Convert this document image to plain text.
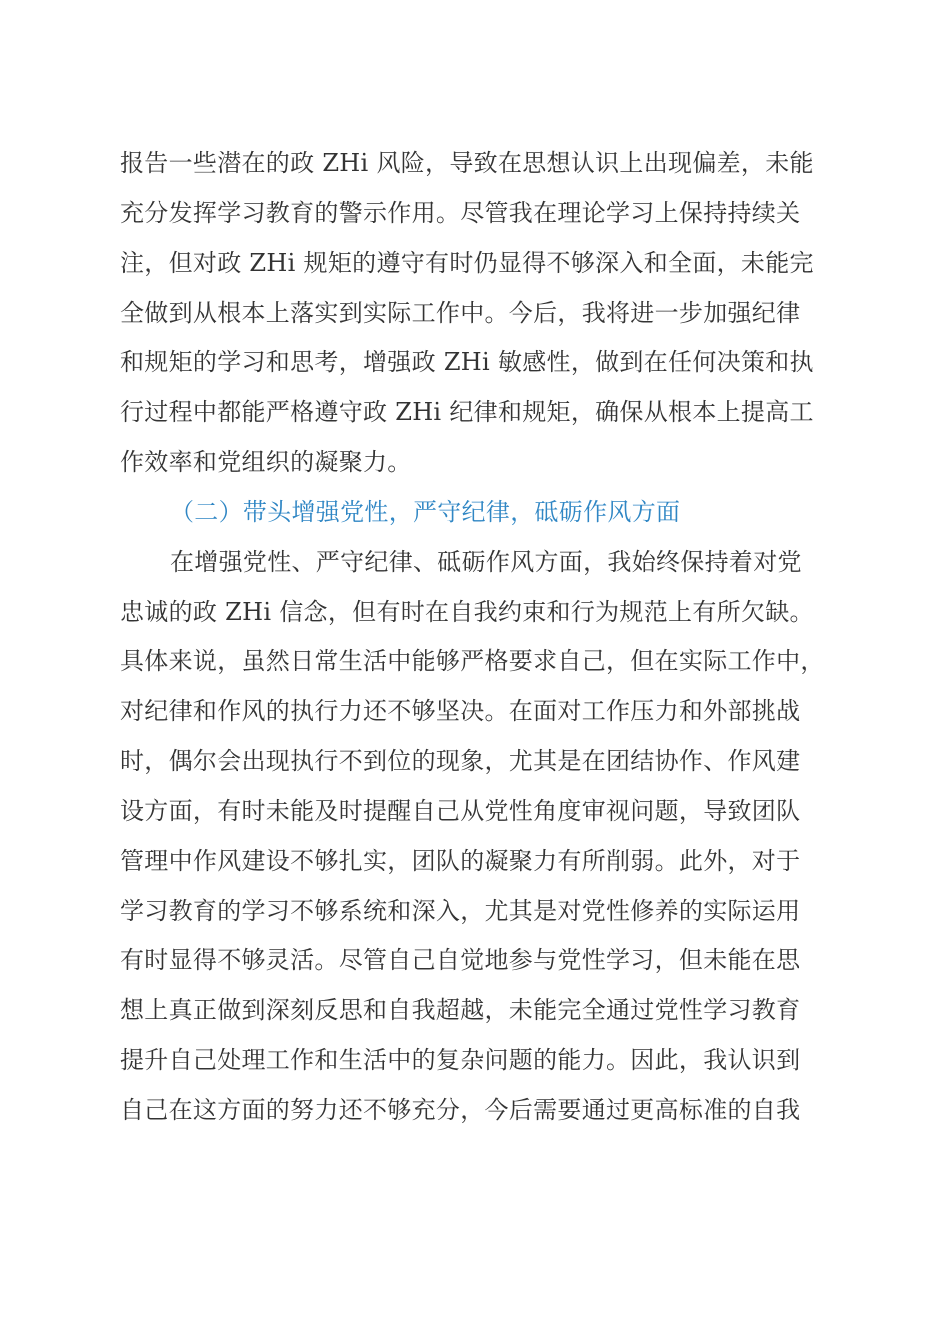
报告一些潜在的政 ZHi 风险，导致在思想认识上出现偏差，未能
充分发挥学习教育的警示作用。尽管我在理论学习上保持持续关
注，但对政 ZHi 规矩的遵守有时仍显得不够深入和全面，未能完
全做到从根本上落实到实际工作中。今后，我将进一步加强纪律
和规矩的学习和思考，增强政 ZHi 敏感性，做到在任何决策和执
行过程中都能严格遵守政 ZHi 纪律和规矩，确保从根本上提高工
作效率和党组织的凝聚力。
（二）带头增强党性，严守纪律，砥砺作风方面
在增强党性、严守纪律、砥砺作风方面，我始终保持着对党
忠诚的政 ZHi 信念，但有时在自我约束和行为规范上有所欠缺。
具体来说，虽然日常生活中能够严格要求自己，但在实际工作中，
对纪律和作风的执行力还不够坚决。在面对工作压力和外部挑战
时，偶尔会出现执行不到位的现象，尤其是在团结协作、作风建
设方面，有时未能及时提醒自己从党性角度审视问题，导致团队
管理中作风建设不够扎实，团队的凝聚力有所削弱。此外，对于
学习教育的学习不够系统和深入，尤其是对党性修养的实际运用
有时显得不够灵活。尽管自己自觉地参与党性学习，但未能在思
想上真正做到深刻反思和自我超越，未能完全通过党性学习教育
提升自己处理工作和生活中的复杂问题的能力。因此，我认识到
自己在这方面的努力还不够充分，今后需要通过更高标准的自我
